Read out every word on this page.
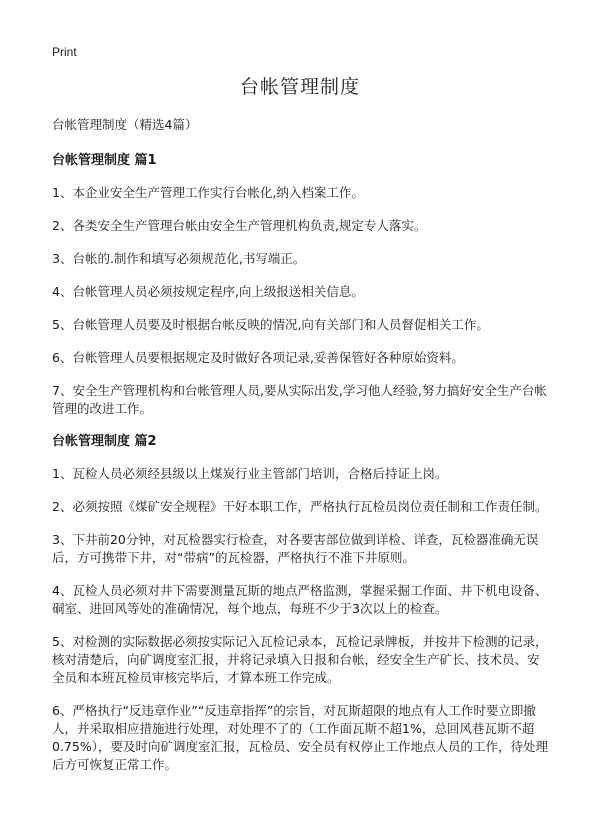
Print
台帐管理制度
台帐管理制度（精选4篇）
台帐管理制度 篇1

1、本企业安全生产管理工作实行台帐化,纳入档案工作。

2、各类安全生产管理台帐由安全生产管理机构负责,规定专人落实。

3、台帐的.制作和填写必须规范化,书写端正。

4、台帐管理人员必须按规定程序,向上级报送相关信息。

5、台帐管理人员要及时根据台帐反映的情况,向有关部门和人员督促相关工作。

6、台帐管理人员要根据规定及时做好各项记录,妥善保管好各种原始资料。

7、安全生产管理机构和台帐管理人员,要从实际出发,学习他人经验,努力搞好安全生产台帐管理的改进工作。

台帐管理制度 篇2

1、瓦检人员必须经县级以上煤炭行业主管部门培训，合格后持证上岗。

2、必须按照《煤矿安全规程》干好本职工作，严格执行瓦检员岗位责任制和工作责任制。

3、下井前20分钟，对瓦检器实行检查，对各要害部位做到详检、详查，瓦检器准确无误后，方可携带下井，对“带病”的瓦检器，严格执行不准下井原则。

4、瓦检人员必须对井下需要测量瓦斯的地点严格监测，掌握采掘工作面、井下机电设备、硐室、进回风等处的准确情况，每个地点，每班不少于3次以上的检查。

5、对检测的实际数据必须按实际记入瓦检记录本，瓦检记录牌板，并按井下检测的记录，核对清楚后，向矿调度室汇报，并将记录填入日报和台帐，经安全生产矿长、技术员、安全员和本班瓦检员审核完毕后，才算本班工作完成。

6、严格执行“反违章作业”“反违章指挥”的宗旨，对瓦斯超限的地点有人工作时要立即撤人，并采取相应措施进行处理，对处理不了的（工作面瓦斯不超1%，总回风巷瓦斯不超0.75%），要及时向矿调度室汇报，瓦检员、安全员有权停止工作地点人员的工作，待处理后方可恢复正常工作。
